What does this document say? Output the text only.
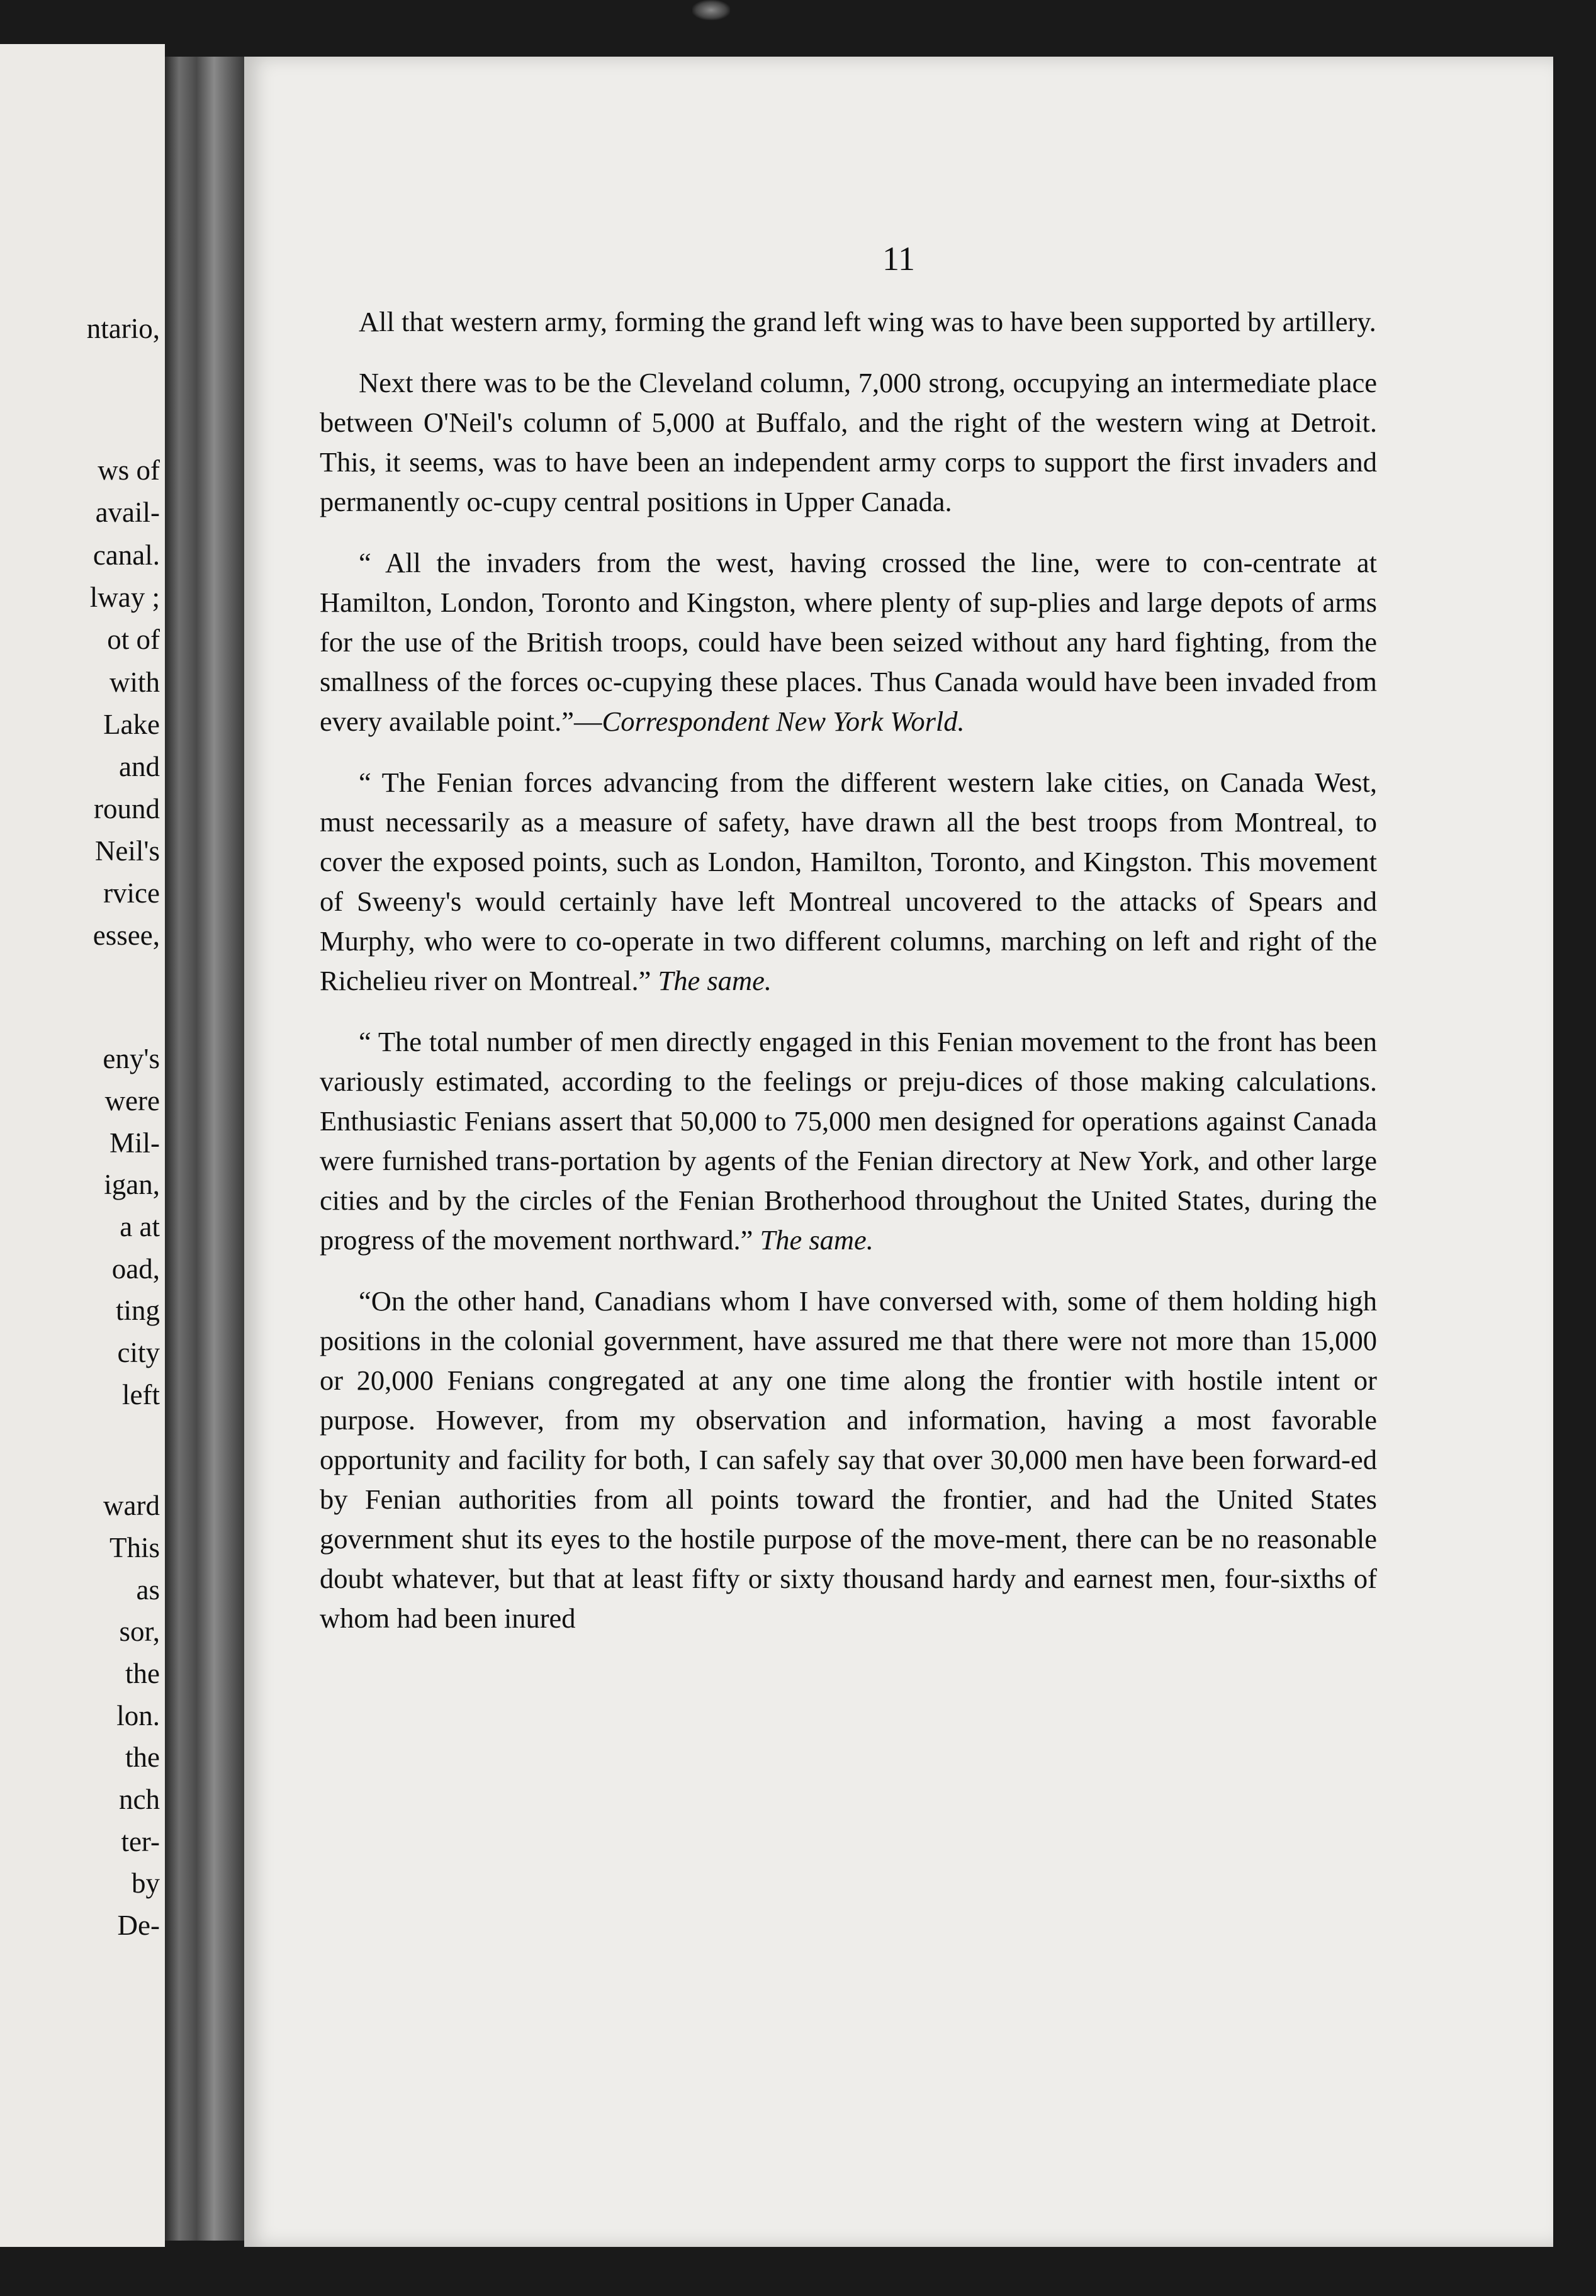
ntario,

ws of

avail-

canal.

lway ;

ot of

with

Lake

and

round

Neil's

rvice

essee,

eny's

were

Mil-

igan,

a at

oad,

ting

city

left

ward

This

as

sor,

the

lon.

the

nch

ter-

by

De-

11

All that western army, forming the grand left wing was to have been supported by artillery.

Next there was to be the Cleveland column, 7,000 strong, occupying an intermediate place between O'Neil's column of 5,000 at Buffalo, and the right of the western wing at Detroit. This, it seems, was to have been an independent army corps to support the first invaders and permanently oc-cupy central positions in Upper Canada.

“ All the invaders from the west, having crossed the line, were to con-centrate at Hamilton, London, Toronto and Kingston, where plenty of sup-plies and large depots of arms for the use of the British troops, could have been seized without any hard fighting, from the smallness of the forces oc-cupying these places. Thus Canada would have been invaded from every available point.”—Correspondent New York World.

“ The Fenian forces advancing from the different western lake cities, on Canada West, must necessarily as a measure of safety, have drawn all the best troops from Montreal, to cover the exposed points, such as London, Hamilton, Toronto, and Kingston. This movement of Sweeny's would certainly have left Montreal uncovered to the attacks of Spears and Murphy, who were to co-operate in two different columns, marching on left and right of the Richelieu river on Montreal.” The same.

“ The total number of men directly engaged in this Fenian movement to the front has been variously estimated, according to the feelings or preju-dices of those making calculations. Enthusiastic Fenians assert that 50,000 to 75,000 men designed for operations against Canada were furnished trans-portation by agents of the Fenian directory at New York, and other large cities and by the circles of the Fenian Brotherhood throughout the United States, during the progress of the movement northward.” The same.

“On the other hand, Canadians whom I have conversed with, some of them holding high positions in the colonial government, have assured me that there were not more than 15,000 or 20,000 Fenians congregated at any one time along the frontier with hostile intent or purpose. However, from my observation and information, having a most favorable opportunity and facility for both, I can safely say that over 30,000 men have been forward-ed by Fenian authorities from all points toward the frontier, and had the United States government shut its eyes to the hostile purpose of the move-ment, there can be no reasonable doubt whatever, but that at least fifty or sixty thousand hardy and earnest men, four-sixths of whom had been inured
